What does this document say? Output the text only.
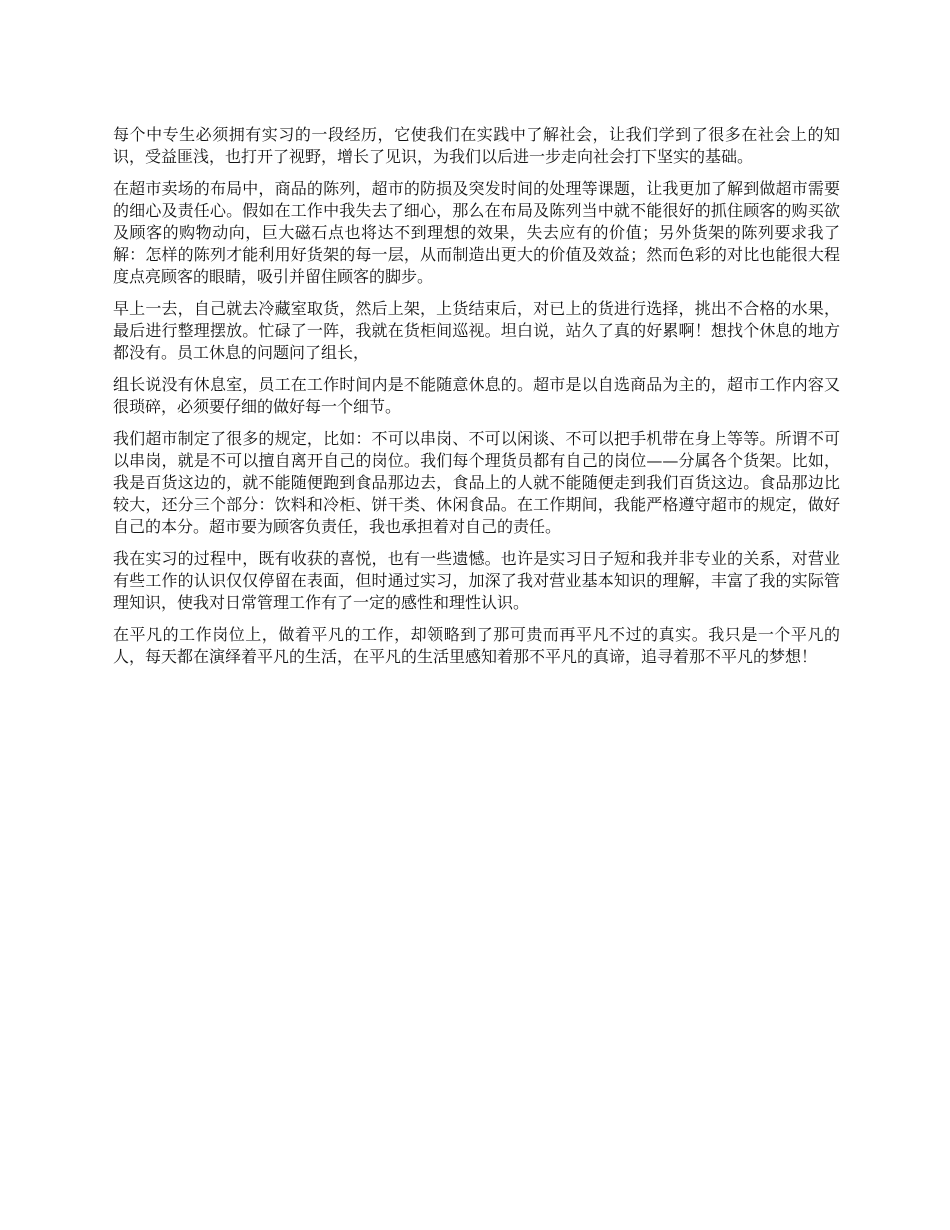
每个中专生必须拥有实习的一段经历，它使我们在实践中了解社会，让我们学到了很多在社会上的知识，受益匪浅，也打开了视野，增长了见识，为我们以后进一步走向社会打下坚实的基础。

在超市卖场的布局中，商品的陈列，超市的防损及突发时间的处理等课题，让我更加了解到做超市需要的细心及责任心。假如在工作中我失去了细心，那么在布局及陈列当中就不能很好的抓住顾客的购买欲及顾客的购物动向，巨大磁石点也将达不到理想的效果，失去应有的价值；另外货架的陈列要求我了解：怎样的陈列才能利用好货架的每一层，从而制造出更大的价值及效益；然而色彩的对比也能很大程度点亮顾客的眼睛，吸引并留住顾客的脚步。

早上一去，自己就去冷藏室取货，然后上架，上货结束后，对已上的货进行选择，挑出不合格的水果，最后进行整理摆放。忙碌了一阵，我就在货柜间巡视。坦白说，站久了真的好累啊！想找个休息的地方都没有。员工休息的问题问了组长，

组长说没有休息室，员工在工作时间内是不能随意休息的。超市是以自选商品为主的，超市工作内容又很琐碎，必须要仔细的做好每一个细节。

我们超市制定了很多的规定，比如：不可以串岗、不可以闲谈、不可以把手机带在身上等等。所谓不可以串岗，就是不可以擅自离开自己的岗位。我们每个理货员都有自己的岗位——分属各个货架。比如，我是百货这边的，就不能随便跑到食品那边去，食品上的人就不能随便走到我们百货这边。食品那边比较大，还分三个部分：饮料和冷柜、饼干类、休闲食品。在工作期间，我能严格遵守超市的规定，做好自己的本分。超市要为顾客负责任，我也承担着对自己的责任。

我在实习的过程中，既有收获的喜悦，也有一些遗憾。也许是实习日子短和我并非专业的关系，对营业有些工作的认识仅仅停留在表面，但时通过实习，加深了我对营业基本知识的理解，丰富了我的实际管理知识，使我对日常管理工作有了一定的感性和理性认识。

在平凡的工作岗位上，做着平凡的工作，却领略到了那可贵而再平凡不过的真实。我只是一个平凡的人，每天都在演绎着平凡的生活，在平凡的生活里感知着那不平凡的真谛，追寻着那不平凡的梦想！
